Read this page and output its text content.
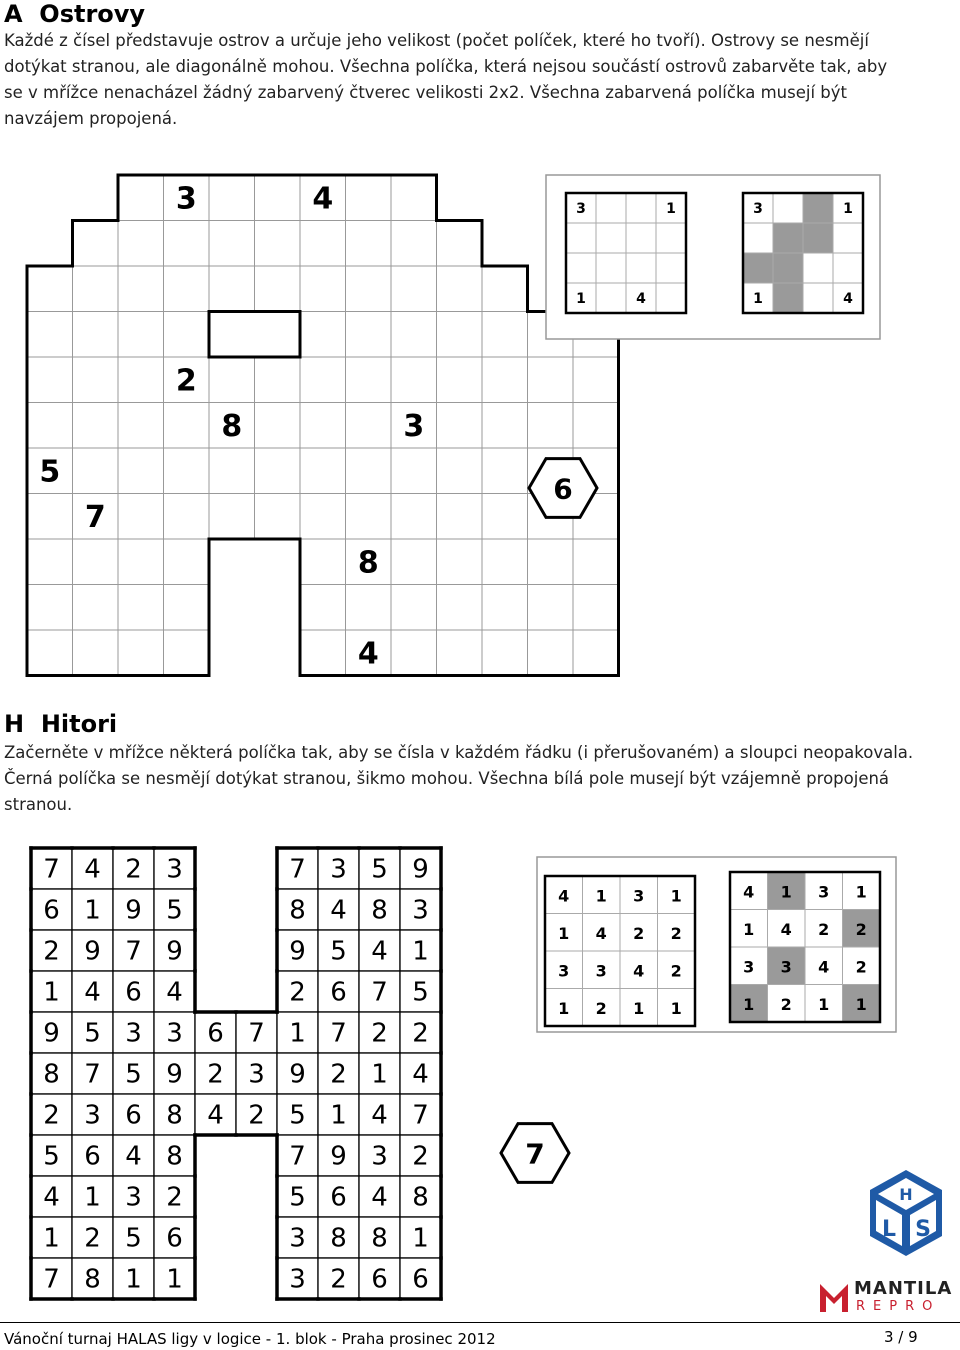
A Ostrovy
Každé z čísel představuje ostrov a určuje jeho velikost (počet políček, které ho tvoří). Ostrovy se nesmějí dotýkat stranou, ale diagonálně mohou. Všechna políčka, která nejsou součástí ostrovů zabarvěte tak, aby se v mřížce nenacházel žádný zabarvený čtverec velikosti 2x2. Všechna zabarvená políčka musejí být navzájem propojená.
3	4
2
8	3
5
7
8
4
3	1
1	4
3	1
1	4
6
H Hitori
Začerněte v mřížce některá políčka tak, aby se čísla v každém řádku (i přerušovaném) a sloupci neopakovala. Černá políčka se nesmějí dotýkat stranou, šikmo mohou. Všechna bílá pole musejí být vzájemně propojená stranou.
7 4 2 3	7 3 5 9
6 1 9 5	8 4 8 3
2 9 7 9	9 5 4 1
1 4 6 4	2 6 7 5
9 5 3 3 6 7 1 7 2 2
8 7 5 9 2 3 9 2 1 4
2 3 6 8 4 2 5 1 4 7
5 6 4 8	7 9 3 2
4 1 3 2	5 6 4 8
1 2 5 6	3 8 8 1
7 8 1 1	3 2 6 6
4 1 3 1
1 4 2 2
3 3 4 2
1 2 1 1
4 1 3 1
1 4 2 2
3 3 4 2
1 2 1 1
7
H
L S
MANTILA
REPRO
Vánoční turnaj HALAS ligy v logice - 1. blok - Praha prosinec 2012	3 / 9
